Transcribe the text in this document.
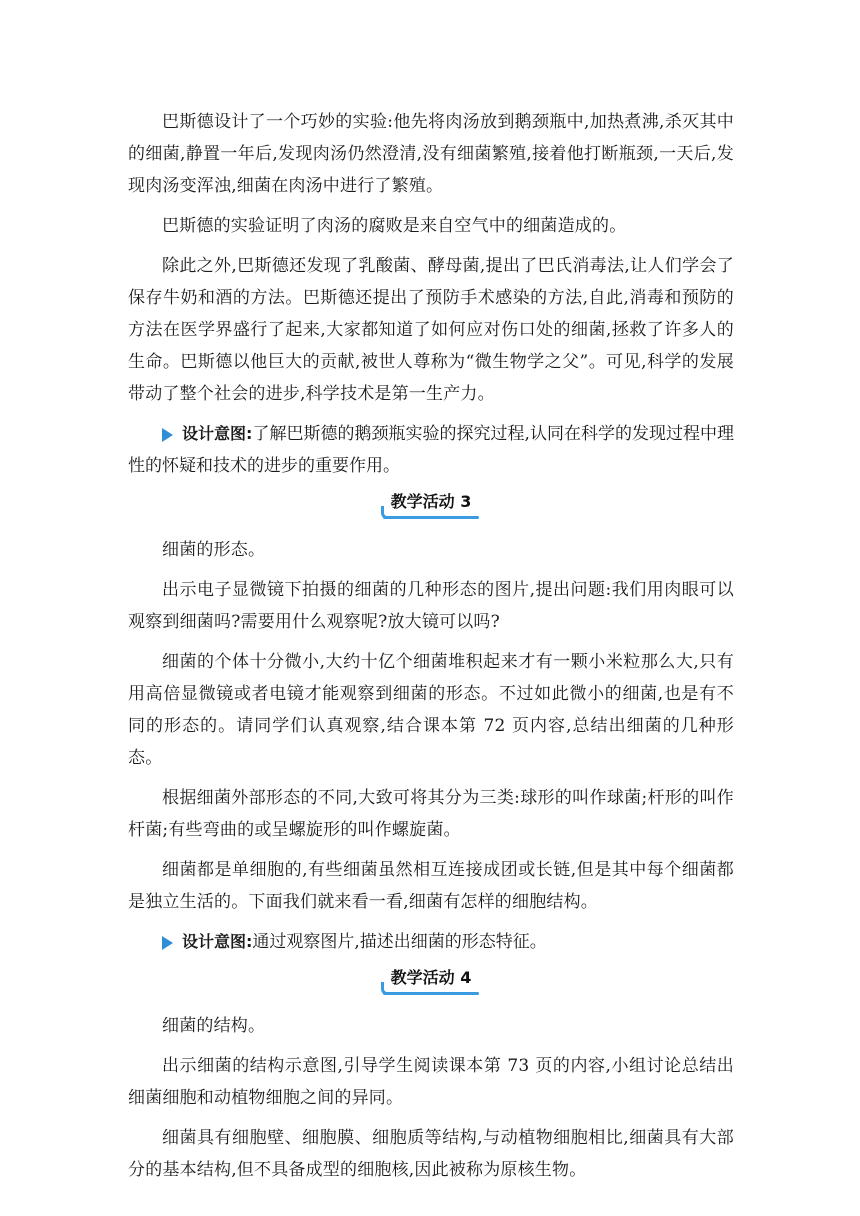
巴斯德设计了一个巧妙的实验:他先将肉汤放到鹅颈瓶中,加热煮沸,杀灭其中的细菌,静置一年后,发现肉汤仍然澄清,没有细菌繁殖,接着他打断瓶颈,一天后,发现肉汤变浑浊,细菌在肉汤中进行了繁殖。

巴斯德的实验证明了肉汤的腐败是来自空气中的细菌造成的。

除此之外,巴斯德还发现了乳酸菌、酵母菌,提出了巴氏消毒法,让人们学会了保存牛奶和酒的方法。巴斯德还提出了预防手术感染的方法,自此,消毒和预防的方法在医学界盛行了起来,大家都知道了如何应对伤口处的细菌,拯救了许多人的生命。巴斯德以他巨大的贡献,被世人尊称为“微生物学之父”。可见,科学的发展带动了整个社会的进步,科学技术是第一生产力。

设计意图:了解巴斯德的鹅颈瓶实验的探究过程,认同在科学的发现过程中理性的怀疑和技术的进步的重要作用。

教学活动 3

细菌的形态。

出示电子显微镜下拍摄的细菌的几种形态的图片,提出问题:我们用肉眼可以观察到细菌吗?需要用什么观察呢?放大镜可以吗?

细菌的个体十分微小,大约十亿个细菌堆积起来才有一颗小米粒那么大,只有用高倍显微镜或者电镜才能观察到细菌的形态。不过如此微小的细菌,也是有不同的形态的。请同学们认真观察,结合课本第 72 页内容,总结出细菌的几种形态。

根据细菌外部形态的不同,大致可将其分为三类:球形的叫作球菌;杆形的叫作杆菌;有些弯曲的或呈螺旋形的叫作螺旋菌。

细菌都是单细胞的,有些细菌虽然相互连接成团或长链,但是其中每个细菌都是独立生活的。下面我们就来看一看,细菌有怎样的细胞结构。

设计意图:通过观察图片,描述出细菌的形态特征。

教学活动 4

细菌的结构。

出示细菌的结构示意图,引导学生阅读课本第 73 页的内容,小组讨论总结出细菌细胞和动植物细胞之间的异同。

细菌具有细胞壁、细胞膜、细胞质等结构,与动植物细胞相比,细菌具有大部分的基本结构,但不具备成型的细胞核,因此被称为原核生物。
